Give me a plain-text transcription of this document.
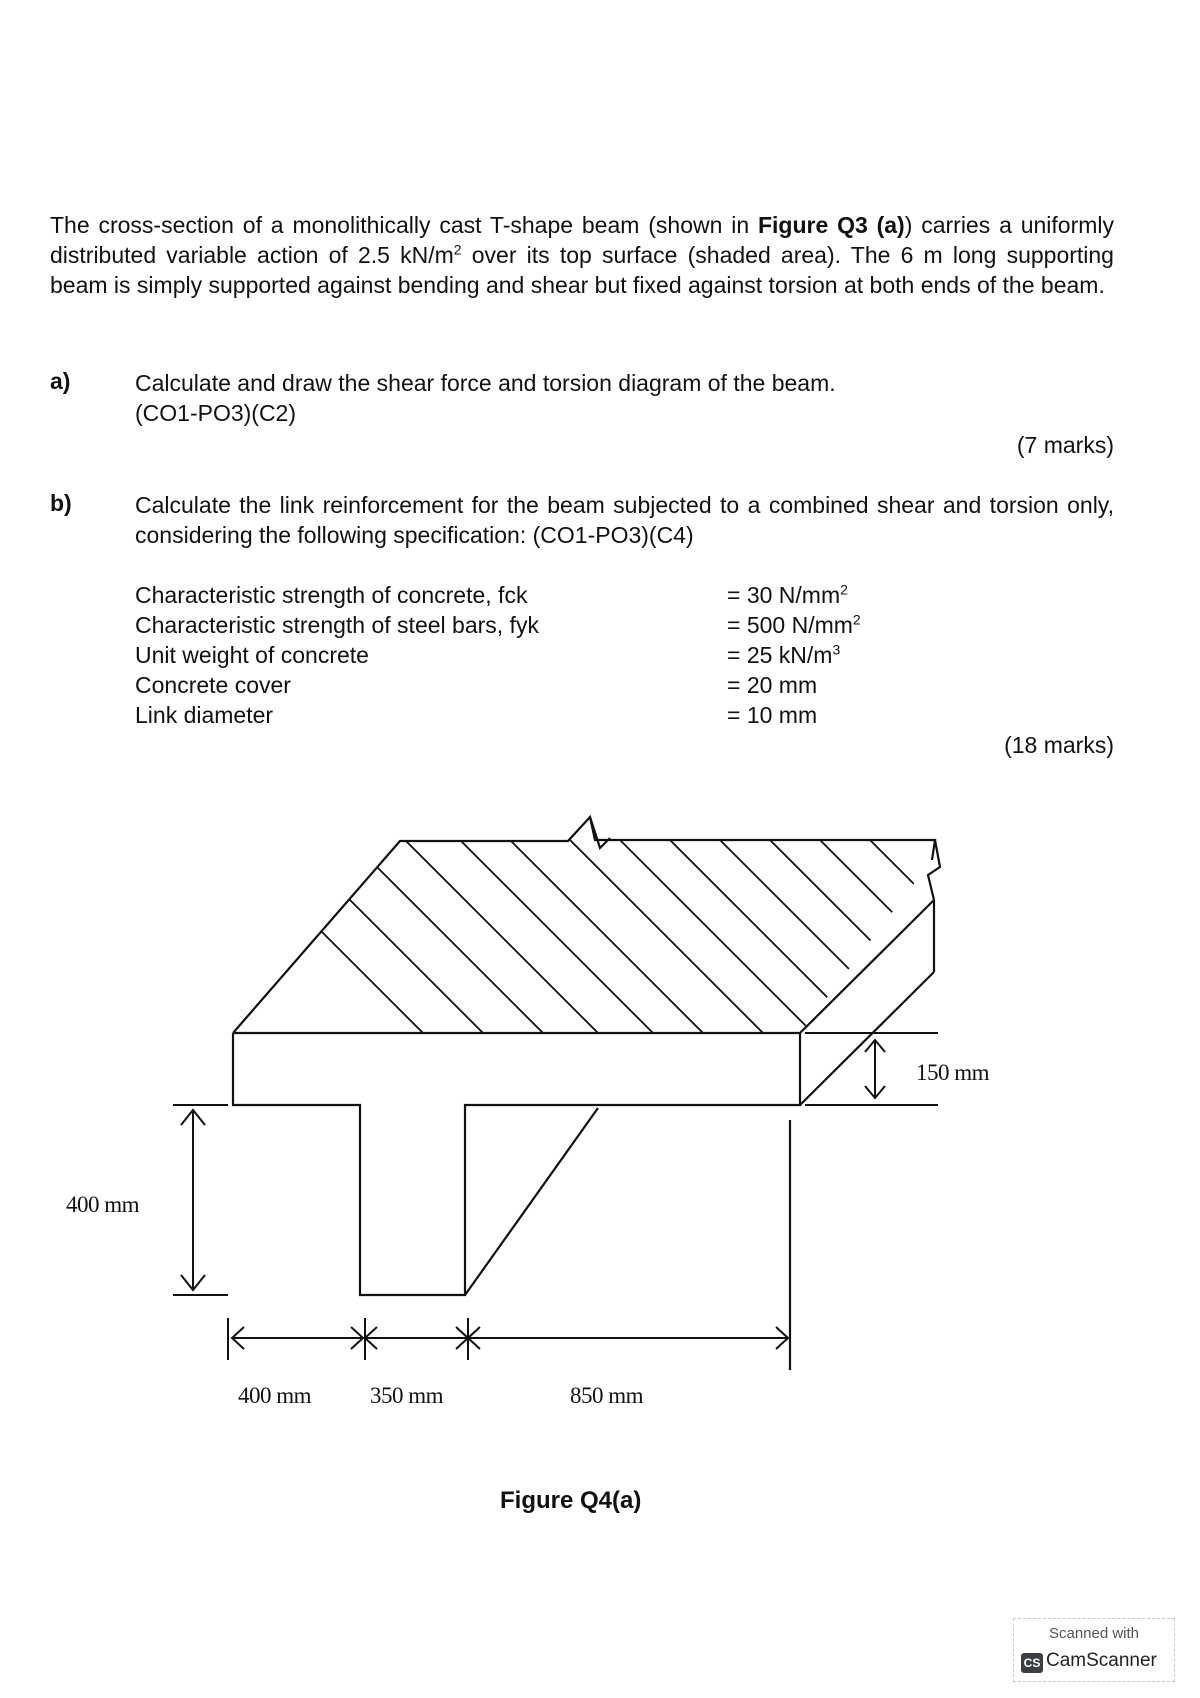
The cross-section of a monolithically cast T-shape beam (shown in Figure Q3 (a)) carries a uniformly distributed variable action of 2.5 $kN/m^2$ over its top surface (shaded area). The 6 m long supporting beam is simply supported against bending and shear but fixed against torsion at both ends of the beam.

a)	Calculate and draw the shear force and torsion diagram of the beam.
(CO1-PO3)(C2)

(7 marks)
b)	Calculate the link reinforcement for the beam subjected to a combined shear and torsion only, considering the following specification: (CO1-PO3)(C4)

Characteristic strength of concrete, fck	= 30 $N/mm^2$
Characteristic strength of steel bars, fyk	= 500 $N/mm^2$
Unit weight of concrete	= 25 $kN/m^3$
Concrete cover	= 20 mm
Link diameter	= 10 mm
(18 marks)
150 mm
400 mm
400 mm	350 mm	850 mm
Figure Q4(a)
Scanned with
CS CamScanner
